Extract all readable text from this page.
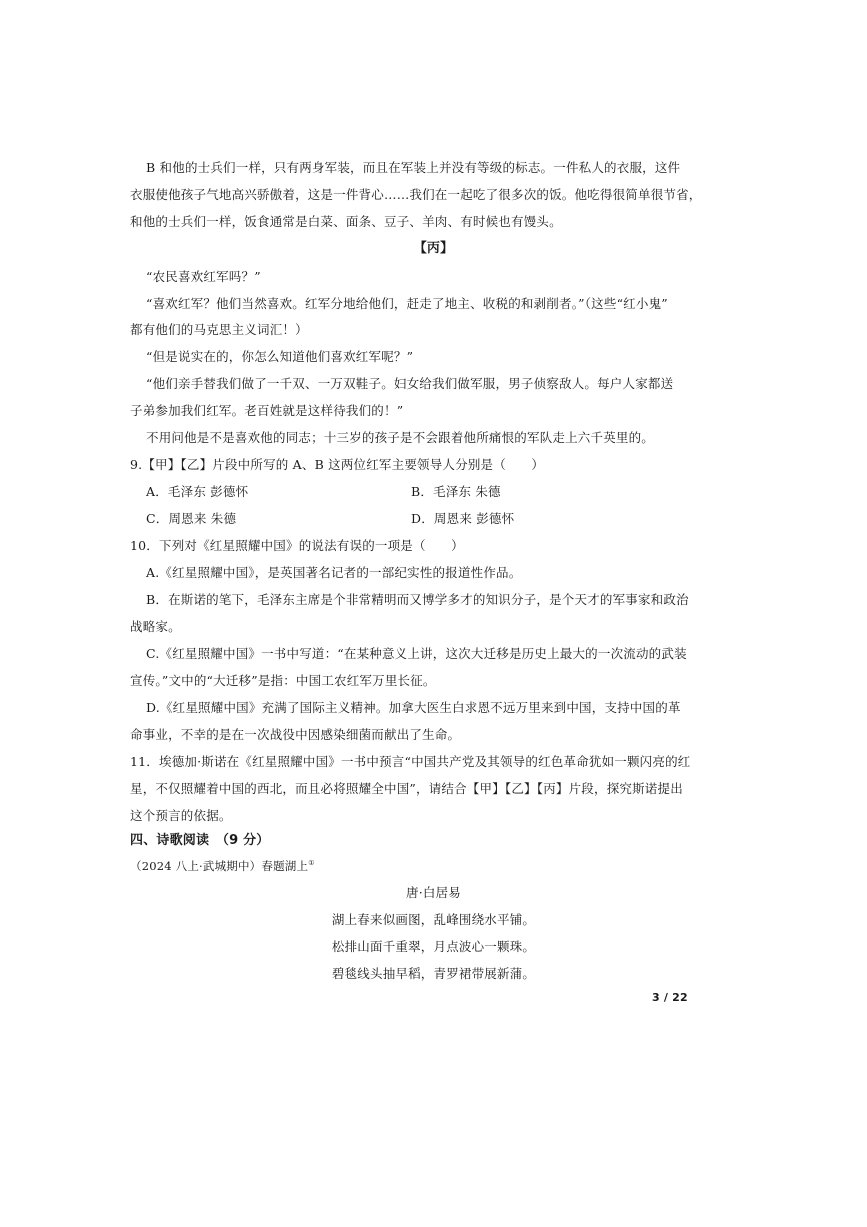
B 和他的士兵们一样，只有两身军装，而且在军装上并没有等级的标志。一件私人的衣服，这件
衣服使他孩子气地高兴骄傲着，这是一件背心……我们在一起吃了很多次的饭。他吃得很简单很节省，
和他的士兵们一样，饭食通常是白菜、面条、豆子、羊肉、有时候也有馒头。
【丙】
“农民喜欢红军吗？”
“喜欢红军？他们当然喜欢。红军分地给他们，赶走了地主、收税的和剥削者。”（这些“红小鬼”
都有他们的马克思主义词汇！）
“但是说实在的，你怎么知道他们喜欢红军呢？”
“他们亲手替我们做了一千双、一万双鞋子。妇女给我们做军服，男子侦察敌人。每户人家都送
子弟参加我们红军。老百姓就是这样待我们的！”
不用问他是不是喜欢他的同志；十三岁的孩子是不会跟着他所痛恨的军队走上六千英里的。
9.【甲】【乙】片段中所写的 A、B 这两位红军主要领导人分别是（　　）
A．毛泽东 彭德怀	B．毛泽东 朱德
C．周恩来 朱德	D．周恩来 彭德怀
10．下列对《红星照耀中国》的说法有误的一项是（　　）
A.《红星照耀中国》，是英国著名记者的一部纪实性的报道性作品。
B．在斯诺的笔下，毛泽东主席是个非常精明而又博学多才的知识分子，是个天才的军事家和政治
战略家。
C.《红星照耀中国》一书中写道：“在某种意义上讲，这次大迁移是历史上最大的一次流动的武装
宣传。”文中的“大迁移”是指：中国工农红军万里长征。
D.《红星照耀中国》充满了国际主义精神。加拿大医生白求恩不远万里来到中国，支持中国的革
命事业，不幸的是在一次战役中因感染细菌而献出了生命。
11．埃德加·斯诺在《红星照耀中国》一书中预言“中国共产党及其领导的红色革命犹如一颗闪亮的红
星，不仅照耀着中国的西北，而且必将照耀全中国”，请结合【甲】【乙】【丙】片段，探究斯诺提出
这个预言的依据。
四、诗歌阅读　（9 分）
（2024 八上·武城期中）春题湖上①
唐·白居易
湖上春来似画图，乱峰围绕水平铺。
松排山面千重翠，月点波心一颗珠。
碧毯线头抽早稻，青罗裙带展新蒲。
3 / 22
